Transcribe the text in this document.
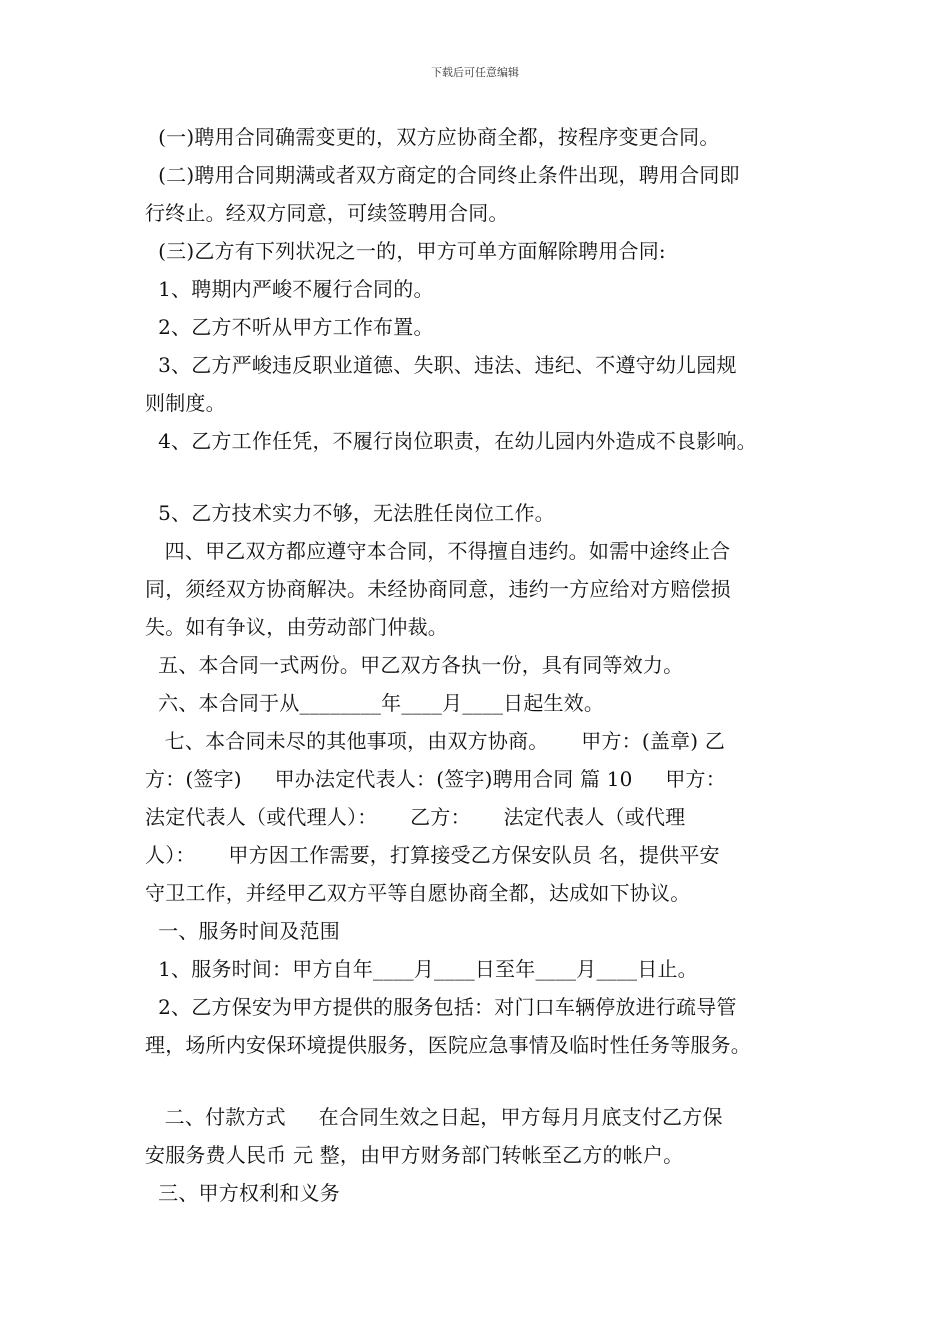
下载后可任意编辑
(一)聘用合同确需变更的，双方应协商全都，按程序变更合同。
(二)聘用合同期满或者双方商定的合同终止条件出现，聘用合同即
行终止。经双方同意，可续签聘用合同。
(三)乙方有下列状况之一的，甲方可单方面解除聘用合同:
1、聘期内严峻不履行合同的。
2、乙方不听从甲方工作布置。
3、乙方严峻违反职业道德、失职、违法、违纪、不遵守幼儿园规
则制度。
4、乙方工作任凭，不履行岗位职责，在幼儿园内外造成不良影响。
5、乙方技术实力不够，无法胜任岗位工作。
四、甲乙双方都应遵守本合同，不得擅自违约。如需中途终止合
同，须经双方协商解决。未经协商同意，违约一方应给对方赔偿损
失。如有争议，由劳动部门仲裁。
五、本合同一式两份。甲乙双方各执一份，具有同等效力。
六、本合同于从________年____月____日起生效。
七、本合同未尽的其他事项，由双方协商。     甲方：(盖章) 乙
方：(签字)     甲办法定代表人：(签字)聘用合同 篇 10     甲方：
法定代表人（或代理人）：     乙方：     法定代表人（或代理
人）：     甲方因工作需要，打算接受乙方保安队员 名，提供平安
守卫工作，并经甲乙双方平等自愿协商全都，达成如下协议。
一、服务时间及范围
1、服务时间：甲方自年____月____日至年____月____日止。
2、乙方保安为甲方提供的服务包括：对门口车辆停放进行疏导管
理，场所内安保环境提供服务，医院应急事情及临时性任务等服务。
二、付款方式     在合同生效之日起，甲方每月月底支付乙方保
安服务费人民币 元 整，由甲方财务部门转帐至乙方的帐户。
三、甲方权利和义务
